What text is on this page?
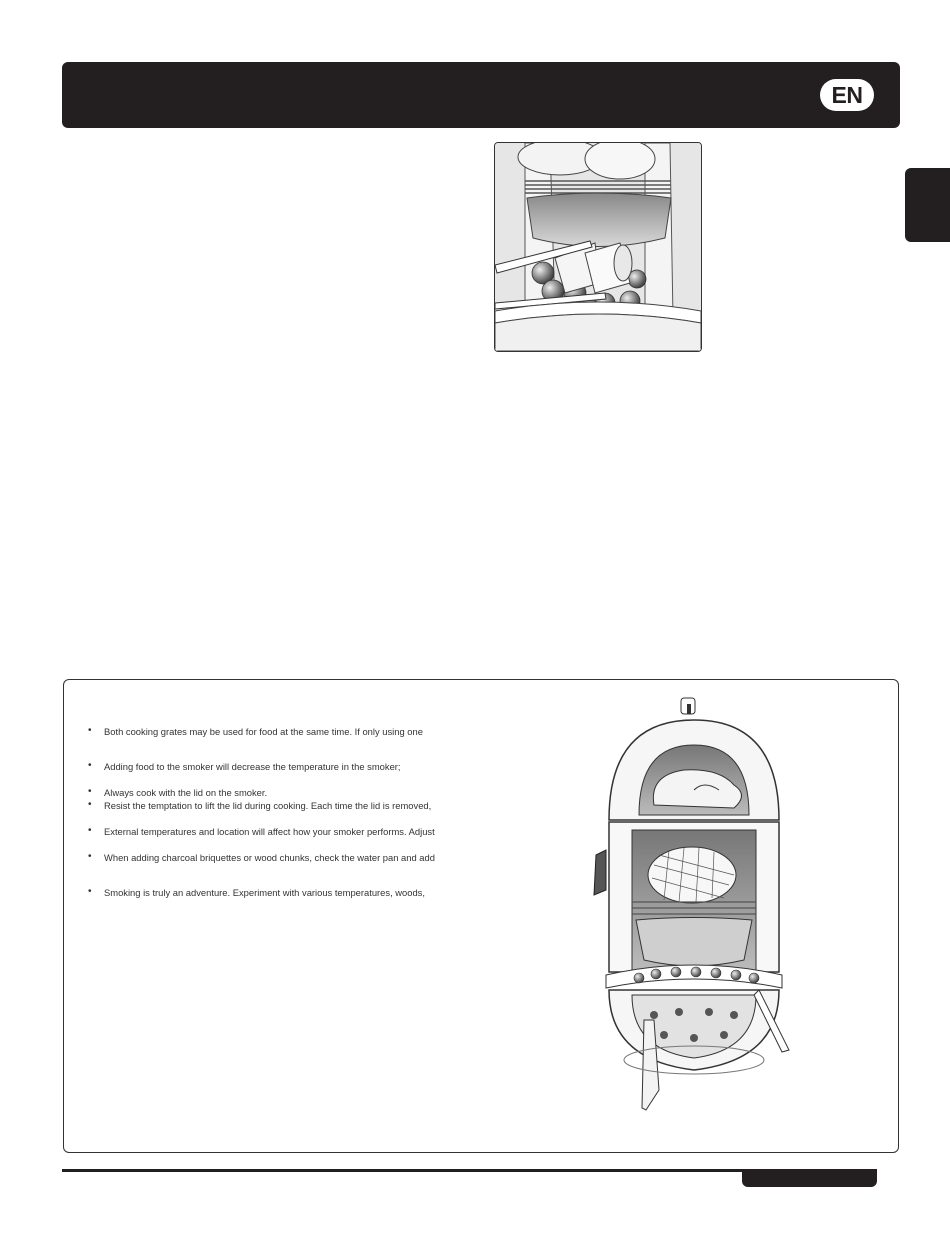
EN
• Both cooking grates may be used for food at the same time. If only using one
• Adding food to the smoker will decrease the temperature in the smoker;
• Always cook with the lid on the smoker.
• Resist the temptation to lift the lid during cooking. Each time the lid is removed,
• External temperatures and location will affect how your smoker performs. Adjust
• When adding charcoal briquettes or wood chunks, check the water pan and add
• Smoking is truly an adventure. Experiment with various temperatures, woods,
